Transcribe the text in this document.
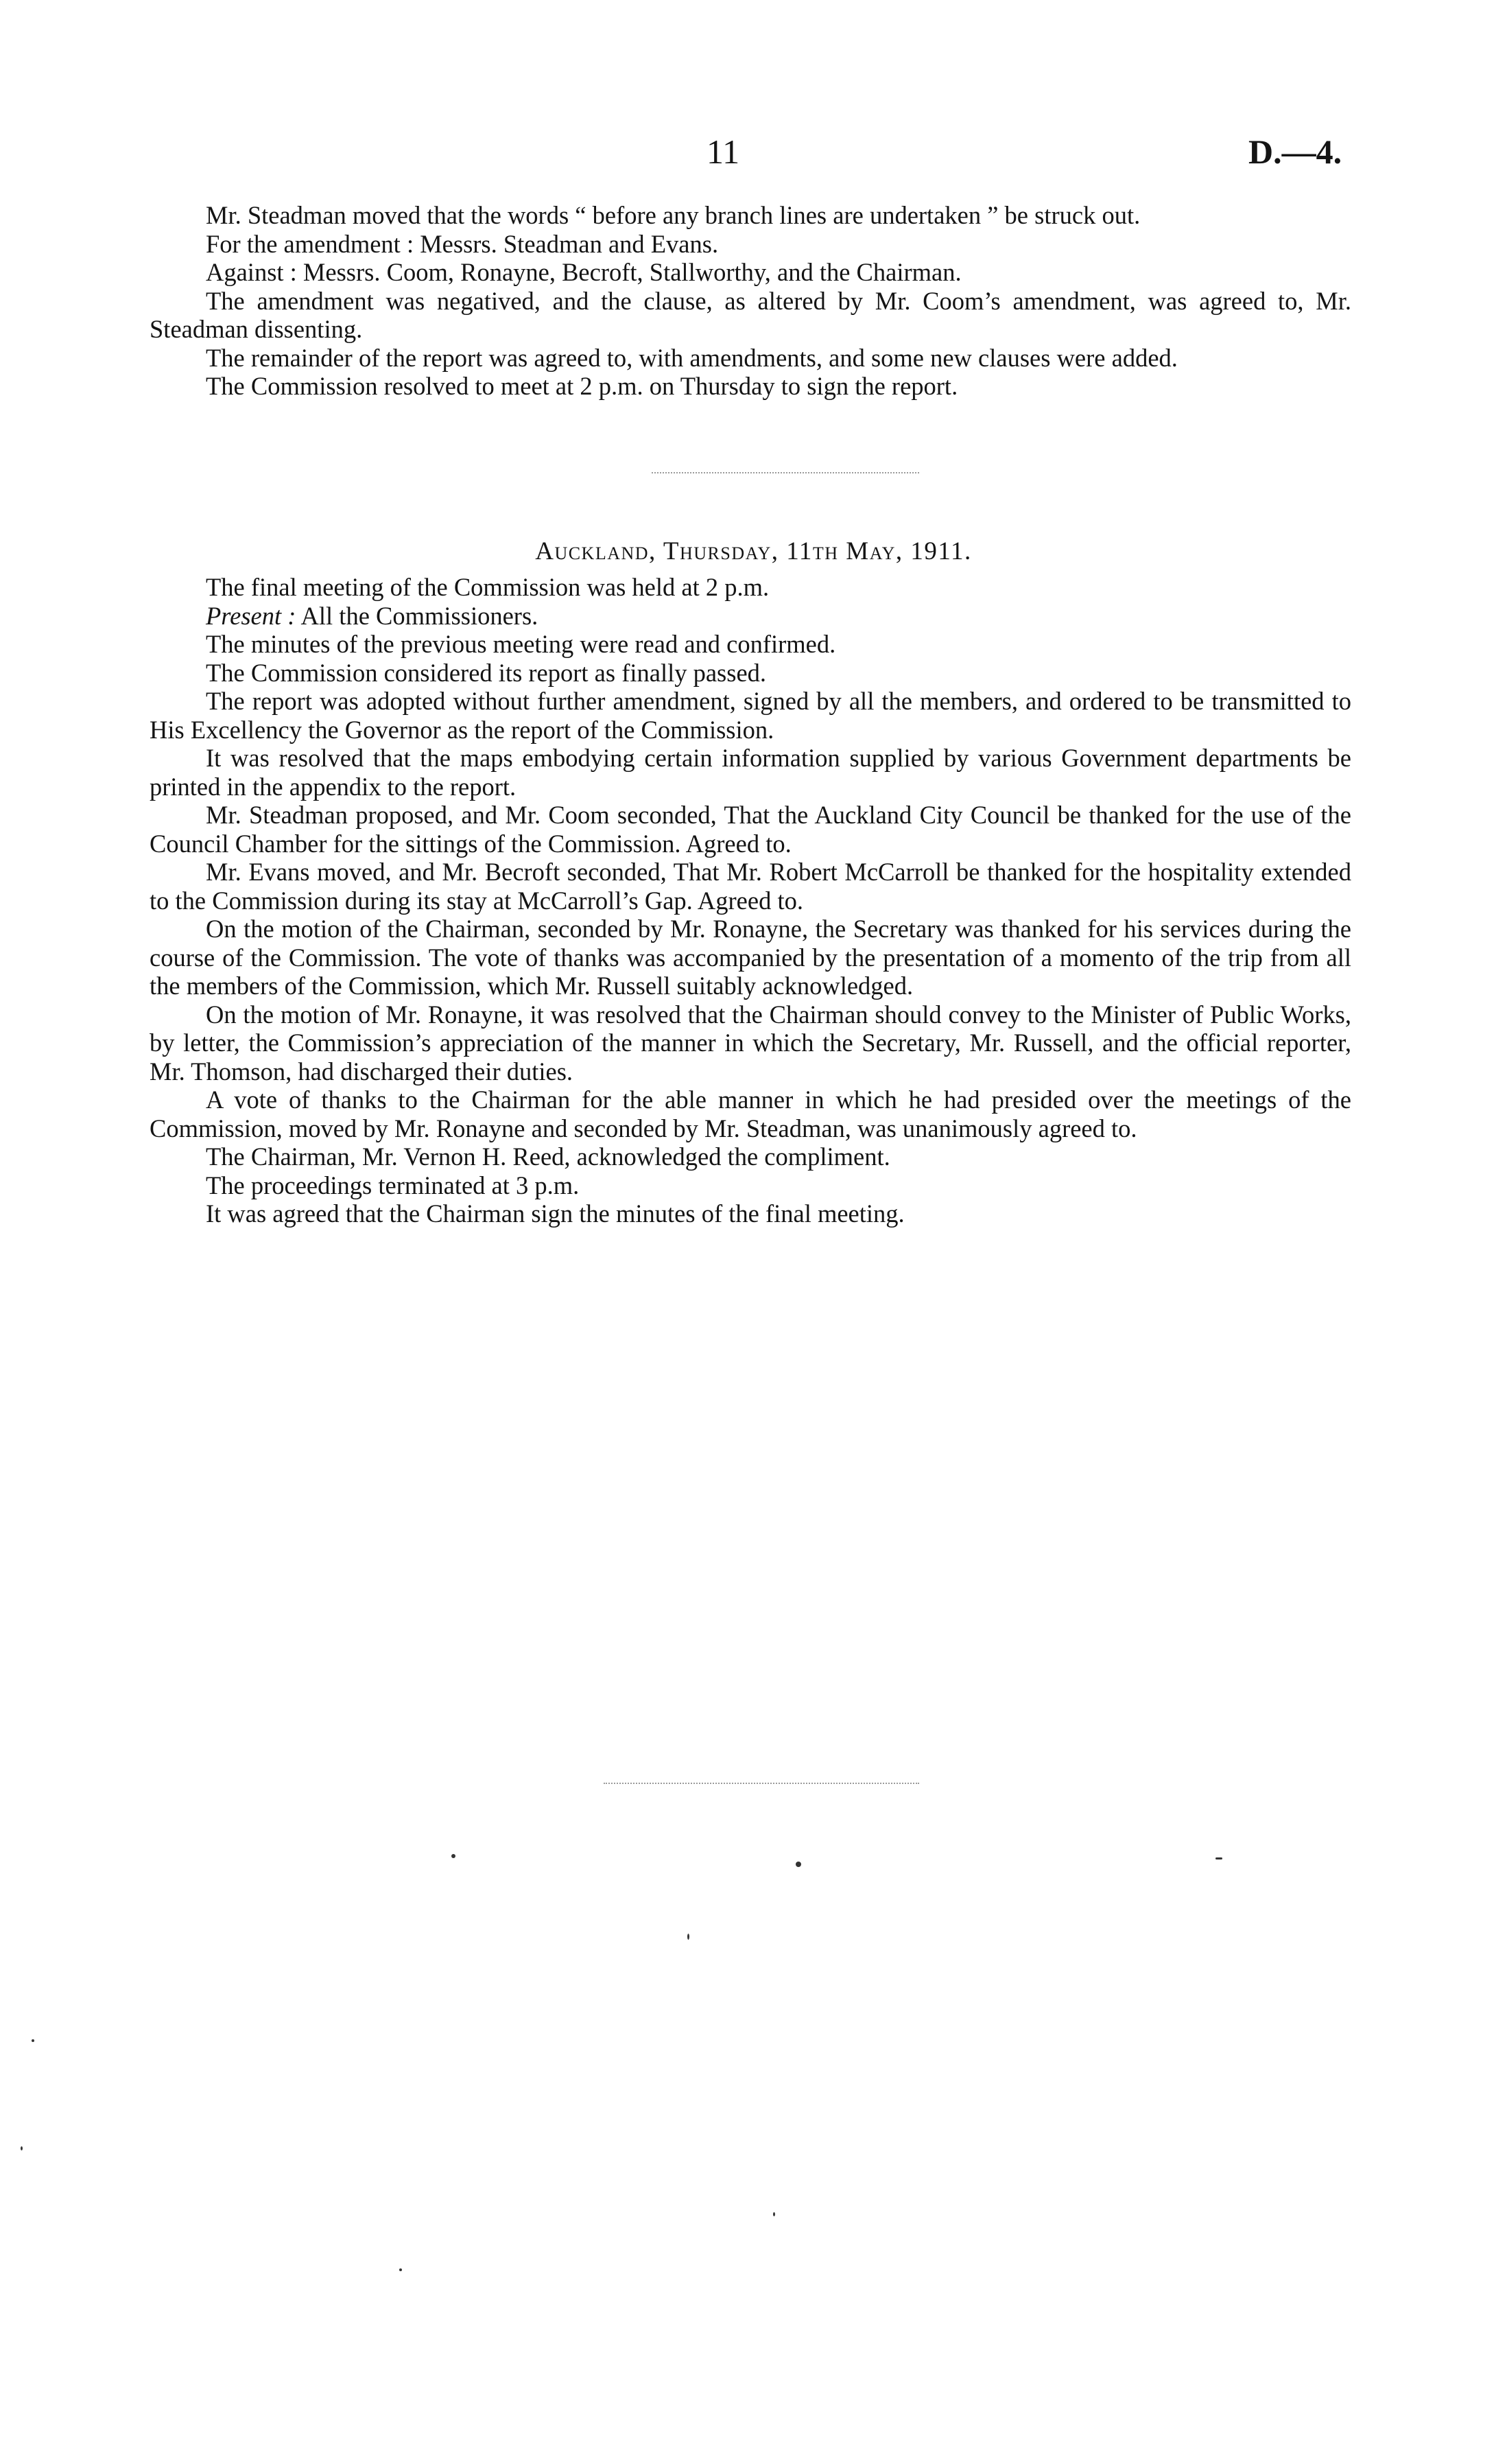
11	D.—4.

Mr. Steadman moved that the words “ before any branch lines are undertaken ” be struck out.

For the amendment : Messrs. Steadman and Evans.

Against : Messrs. Coom, Ronayne, Becroft, Stallworthy, and the Chairman.

The amendment was negatived, and the clause, as altered by Mr. Coom’s amendment, was agreed to, Mr. Steadman dissenting.

The remainder of the report was agreed to, with amendments, and some new clauses were added.

The Commission resolved to meet at 2 p.m. on Thursday to sign the report.

Auckland, Thursday, 11th May, 1911.

The final meeting of the Commission was held at 2 p.m.

Present : All the Commissioners.

The minutes of the previous meeting were read and confirmed.

The Commission considered its report as finally passed.

The report was adopted without further amendment, signed by all the members, and ordered to be transmitted to His Excellency the Governor as the report of the Commission.

It was resolved that the maps embodying certain information supplied by various Government departments be printed in the appendix to the report.

Mr. Steadman proposed, and Mr. Coom seconded, That the Auckland City Council be thanked for the use of the Council Chamber for the sittings of the Commission. Agreed to.

Mr. Evans moved, and Mr. Becroft seconded, That Mr. Robert McCarroll be thanked for the hospitality extended to the Commission during its stay at McCarroll’s Gap. Agreed to.

On the motion of the Chairman, seconded by Mr. Ronayne, the Secretary was thanked for his services during the course of the Commission. The vote of thanks was accompanied by the presentation of a momento of the trip from all the members of the Commission, which Mr. Russell suitably acknowledged.

On the motion of Mr. Ronayne, it was resolved that the Chairman should convey to the Minister of Public Works, by letter, the Commission’s appreciation of the manner in which the Secretary, Mr. Russell, and the official reporter, Mr. Thomson, had discharged their duties.

A vote of thanks to the Chairman for the able manner in which he had presided over the meetings of the Commission, moved by Mr. Ronayne and seconded by Mr. Steadman, was unanimously agreed to.

The Chairman, Mr. Vernon H. Reed, acknowledged the compliment.

The proceedings terminated at 3 p.m.

It was agreed that the Chairman sign the minutes of the final meeting.
